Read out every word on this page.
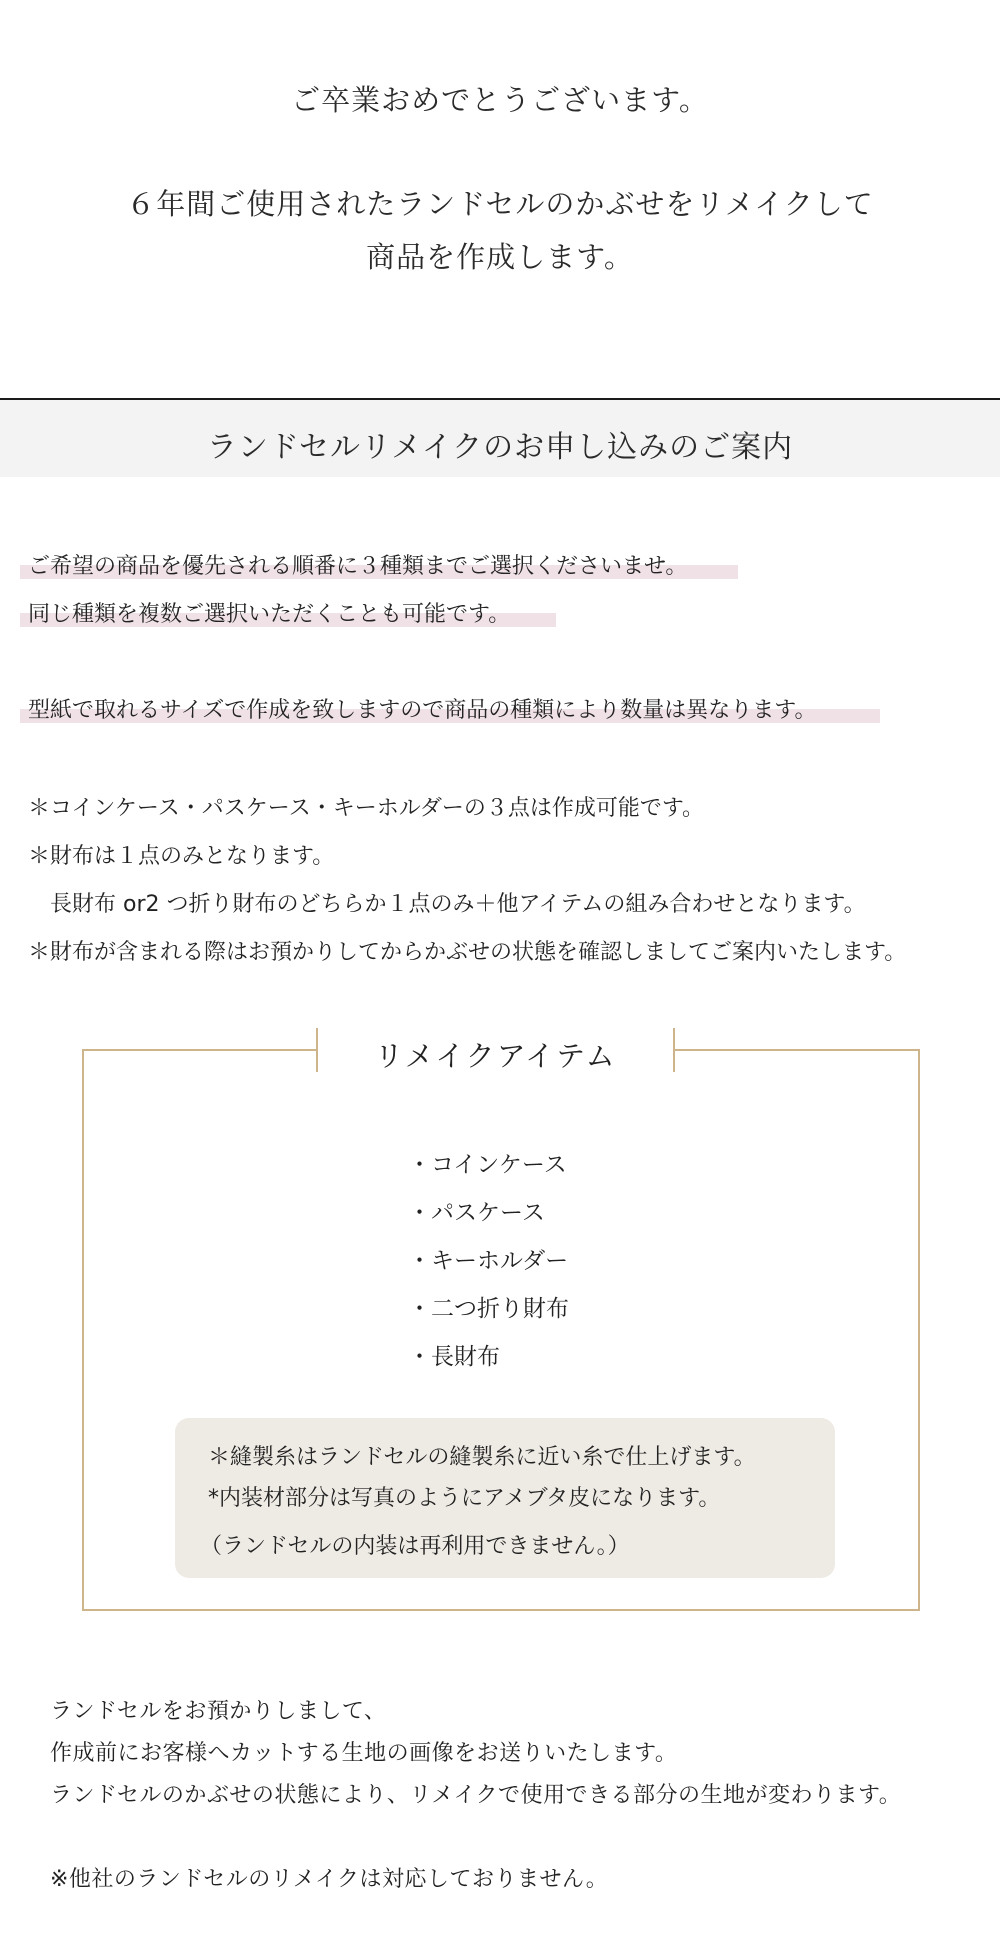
ご卒業おめでとうございます。
６年間ご使用されたランドセルのかぶせをリメイクして
商品を作成します。
ランドセルリメイクのお申し込みのご案内
ご希望の商品を優先される順番に３種類までご選択くださいませ。
同じ種類を複数ご選択いただくことも可能です。
型紙で取れるサイズで作成を致しますので商品の種類により数量は異なります。
＊コインケース・パスケース・キーホルダーの３点は作成可能です。
＊財布は１点のみとなります。
　長財布 or2 つ折り財布のどちらか１点のみ＋他アイテムの組み合わせとなります。
＊財布が含まれる際はお預かりしてからかぶせの状態を確認しましてご案内いたします。
リメイクアイテム
・コインケース
・パスケース
・キーホルダー
・二つ折り財布
・長財布
＊縫製糸はランドセルの縫製糸に近い糸で仕上げます。
*内装材部分は写真のようにアメブタ皮になります。
（ランドセルの内装は再利用できません。）
ランドセルをお預かりしまして、
作成前にお客様へカットする生地の画像をお送りいたします。
ランドセルのかぶせの状態により、リメイクで使用できる部分の生地が変わります。
※他社のランドセルのリメイクは対応しておりません。
